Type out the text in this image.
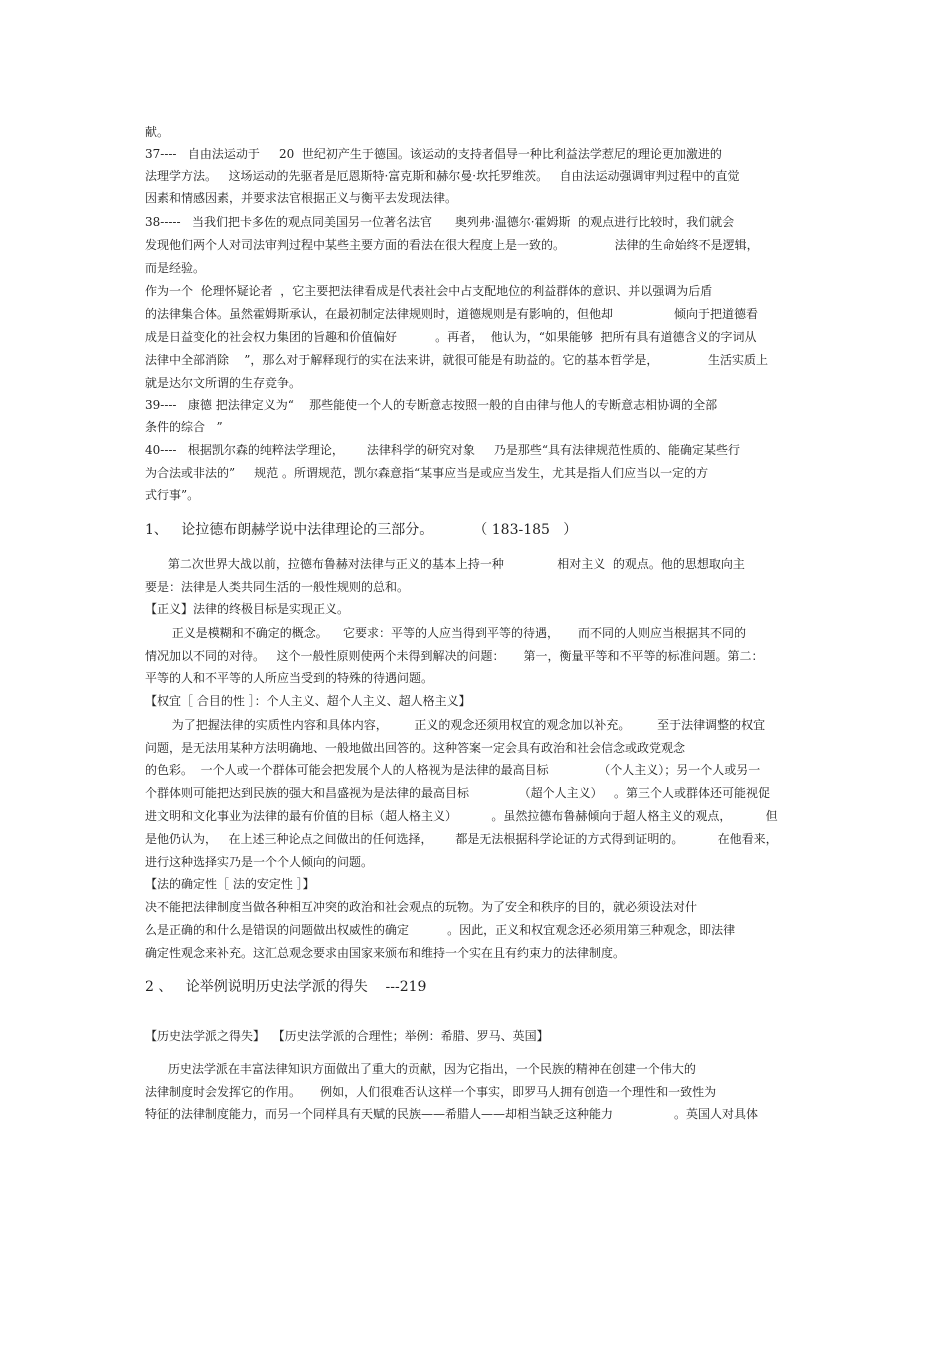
献。
37----   自由法运动于     20  世纪初产生于德国。该运动的支持者倡导一种比利益法学惹尼的理论更加激进的
法理学方法。   这场运动的先驱者是厄恩斯特·富克斯和赫尔曼·坎托罗维茨。   自由法运动强调审判过程中的直觉
因素和情感因素，并要求法官根据正义与衡平去发现法律。
38-----   当我们把卡多佐的观点同美国另一位著名法官      奥列弗·温德尔·霍姆斯  的观点进行比较时，我们就会
发现他们两个人对司法审判过程中某些主要方面的看法在很大程度上是一致的。             法律的生命始终不是逻辑，
而是经验。
作为一个  伦理怀疑论者  ，它主要把法律看成是代表社会中占支配地位的利益群体的意识、并以强调为后盾
的法律集合体。虽然霍姆斯承认，在最初制定法律规则时，道德规则是有影响的，但他却                倾向于把道德看
成是日益变化的社会权力集团的旨趣和价值偏好          。再者，  他认为，“如果能够  把所有具有道德含义的字词从
法律中全部消除    ”，那么对于解释现行的实在法来讲，就很可能是有助益的。它的基本哲学是，             生活实质上
就是达尔文所谓的生存竞争。
39----   康德 把法律定义为“    那些能使一个人的专断意志按照一般的自由律与他人的专断意志相协调的全部
条件的综合   ”
40----   根据凯尔森的纯粹法学理论，      法律科学的研究对象     乃是那些“具有法律规范性质的、能确定某些行
为合法或非法的”     规范 。所谓规范，凯尔森意指“某事应当是或应当发生，尤其是指人们应当以一定的方
式行事”。
1、   论拉德布朗赫学说中法律理论的三部分。         （ 183-185   ）
第二次世界大战以前，拉德布鲁赫对法律与正义的基本上持一种              相对主义  的观点。他的思想取向主
要是：法律是人类共同生活的一般性规则的总和。
【正义】法律的终极目标是实现正义。
正义是模糊和不确定的概念。    它要求：平等的人应当得到平等的待遇，     而不同的人则应当根据其不同的
情况加以不同的对待。   这个一般性原则使两个未得到解决的问题：     第一，衡量平等和不平等的标准问题。第二：
平等的人和不平等的人所应当受到的特殊的待遇问题。
【权宜［ 合目的性 ］：个人主义、超个人主义、超人格主义】
为了把握法律的实质性内容和具体内容，       正义的观念还须用权宜的观念加以补充。       至于法律调整的权宜
问题，是无法用某种方法明确地、一般地做出回答的。这种答案一定会具有政治和社会信念或政党观念
的色彩。  一个人或一个群体可能会把发展个人的人格视为是法律的最高目标             （个人主义）；另一个人或另一
个群体则可能把达到民族的强大和昌盛视为是法律的最高目标             （超个人主义）   。第三个人或群体还可能视促
进文明和文化事业为法律的最有价值的目标（超人格主义）         。虽然拉德布鲁赫倾向于超人格主义的观点，         但
是他仍认为，   在上述三种论点之间做出的任何选择，      都是无法根据科学论证的方式得到证明的。         在他看来，
进行这种选择实乃是一个个人倾向的问题。
【法的确定性［ 法的安定性 ］】
决不能把法律制度当做各种相互冲突的政治和社会观点的玩物。为了安全和秩序的目的，就必须设法对什
么是正确的和什么是错误的问题做出权威性的确定          。因此，正义和权宜观念还必须用第三种观念，即法律
确定性观念来补充。这汇总观念要求由国家来颁布和维持一个实在且有约束力的法律制度。
2 、   论举例说明历史法学派的得失    ---219
【历史法学派之得失】  【历史法学派的合理性；举例：希腊、罗马、英国】
历史法学派在丰富法律知识方面做出了重大的贡献，因为它指出，一个民族的精神在创建一个伟大的
法律制度时会发挥它的作用。     例如，人们很难否认这样一个事实，即罗马人拥有创造一个理性和一致性为
特征的法律制度能力，而另一个同样具有天赋的民族——希腊人——却相当缺乏这种能力                。英国人对具体
